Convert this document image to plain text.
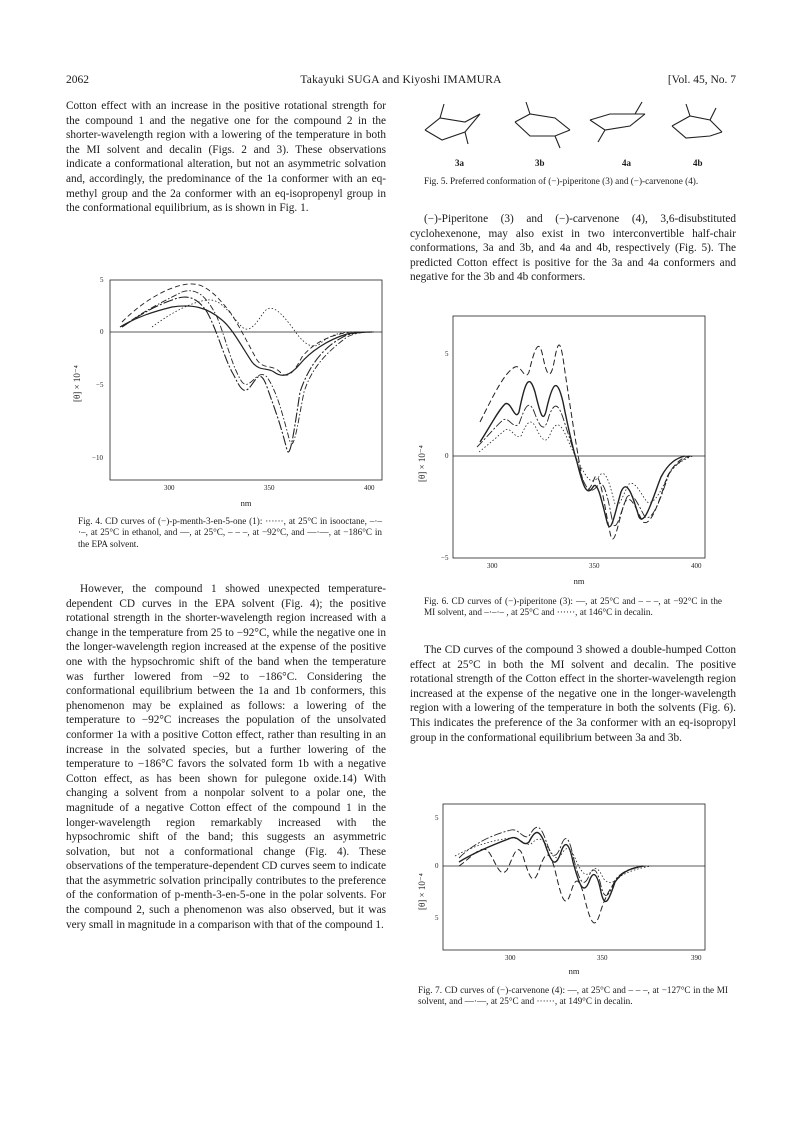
2062	Takayuki SUGA and Kiyoshi IMAMURA	[Vol. 45, No. 7

Cotton effect with an increase in the positive rotational strength for the compound 1 and the negative one for the compound 2 in the shorter-wavelength region with a lowering of the temperature in both the MI solvent and decalin (Figs. 2 and 3). These observations indicate a conformational alteration, but not an asymmetric solvation and, accordingly, the predominance of the 1a conformer with an eq-methyl group and the 2a conformer with an eq-isopropenyl group in the conformational equilibrium, as is shown in Fig. 1.

[θ] × 10⁻⁴
5
0
−5
−10
300	350	400
nm

Fig. 4. CD curves of (−)-p-menth-3-en-5-one (1): ······, at 25°C in isooctane, –·–·–, at 25°C in ethanol, and —, at 25°C, – – –, at −92°C, and —·—, at −186°C in the EPA solvent.

However, the compound 1 showed unexpected temperature-dependent CD curves in the EPA solvent (Fig. 4); the positive rotational strength in the shorter-wavelength region increased with a change in the temperature from 25 to −92°C, while the negative one in the longer-wavelength region increased at the expense of the positive one with the hypsochromic shift of the band when the temperature was further lowered from −92 to −186°C. Considering the conformational equilibrium between the 1a and 1b conformers, this phenomenon may be explained as follows: a lowering of the temperature to −92°C increases the population of the unsolvated conformer 1a with a positive Cotton effect, rather than resulting in an increase in the solvated species, but a further lowering of the temperature to −186°C favors the solvated form 1b with a negative Cotton effect, as has been shown for pulegone oxide.14) With changing a solvent from a nonpolar solvent to a polar one, the magnitude of a negative Cotton effect of the compound 1 in the longer-wavelength region remarkably increased with the hypsochromic shift of the band; this suggests an asymmetric solvation, but not a conformational change (Fig. 4). These observations of the temperature-dependent CD curves seem to indicate that the asymmetric solvation principally contributes to the preference of the conformation of p-menth-3-en-5-one in the polar solvents. For the compound 2, such a phenomenon was also observed, but it was very small in magnitude in a comparison with that of the compound 1.

3a	3b	4a	4b

Fig. 5. Preferred conformation of (−)-piperitone (3) and (−)-carvenone (4).

(−)-Piperitone (3) and (−)-carvenone (4), 3,6-disubstituted cyclohexenone, may also exist in two interconvertible half-chair conformations, 3a and 3b, and 4a and 4b, respectively (Fig. 5). The predicted Cotton effect is positive for the 3a and 4a conformers and negative for the 3b and 4b conformers.

[θ] × 10⁻⁴
5
0
−5
300	350	400
nm

Fig. 6. CD curves of (−)-piperitone (3): —, at 25°C and – – –, at −92°C in the MI solvent, and –·–·– , at 25°C and ······, at 146°C in decalin.

The CD curves of the compound 3 showed a double-humped Cotton effect at 25°C in both the MI solvent and decalin. The positive rotational strength of the Cotton effect in the shorter-wavelength region increased at the expense of the negative one in the longer-wavelength region with a lowering of the temperature in both the solvents (Fig. 6). This indicates the preference of the 3a conformer with an eq-isopropyl group in the conformational equilibrium between 3a and 3b.

[θ] × 10⁻⁴
5
0
5
300	350	390
nm

Fig. 7. CD curves of (−)-carvenone (4): —, at 25°C and – – –, at −127°C in the MI solvent, and —·—, at 25°C and ······, at 149°C in decalin.
